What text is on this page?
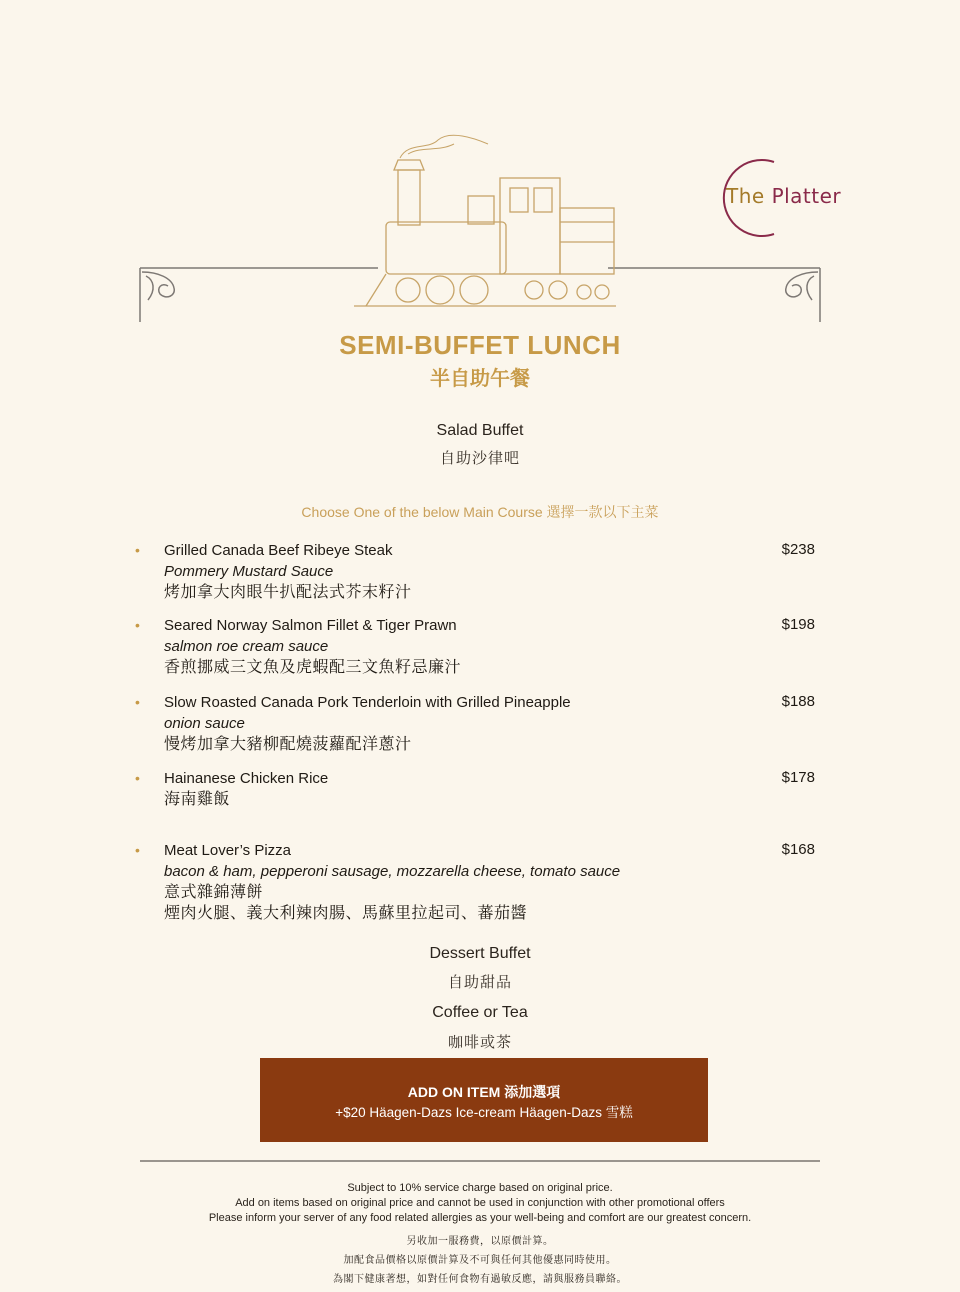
The Platter
SEMI-BUFFET LUNCH
半自助午餐
Salad Buffet
自助沙律吧
Choose One of the below Main Course 選擇一款以下主菜
• Grilled Canada Beef Ribeye Steak
Pommery Mustard Sauce
烤加拿大肉眼牛扒配法式芥末籽汁
$238
• Seared Norway Salmon Fillet & Tiger Prawn
salmon roe cream sauce
香煎挪威三文魚及虎蝦配三文魚籽忌廉汁
$198
• Slow Roasted Canada Pork Tenderloin with Grilled Pineapple
onion sauce
慢烤加拿大豬柳配燒菠蘿配洋蔥汁
$188
• Hainanese Chicken Rice
海南雞飯
$178
• Meat Lover’s Pizza
bacon & ham, pepperoni sausage, mozzarella cheese, tomato sauce
意式雜錦薄餅
煙肉火腿、義大利辣肉腸、馬蘇里拉起司、蕃茄醬
$168
Dessert Buffet
自助甜品
Coffee or Tea
咖啡或茶
ADD ON ITEM 添加選項
+$20 Häagen-Dazs Ice-cream Häagen-Dazs 雪糕
Subject to 10% service charge based on original price.
Add on items based on original price and cannot be used in conjunction with other promotional offers
Please inform your server of any food related allergies as your well-being and comfort are our greatest concern.
另收加一服務費，以原價計算。
加配食品價格以原價計算及不可與任何其他優惠同時使用。
為閣下健康著想，如對任何食物有過敏反應，請與服務員聯絡。
